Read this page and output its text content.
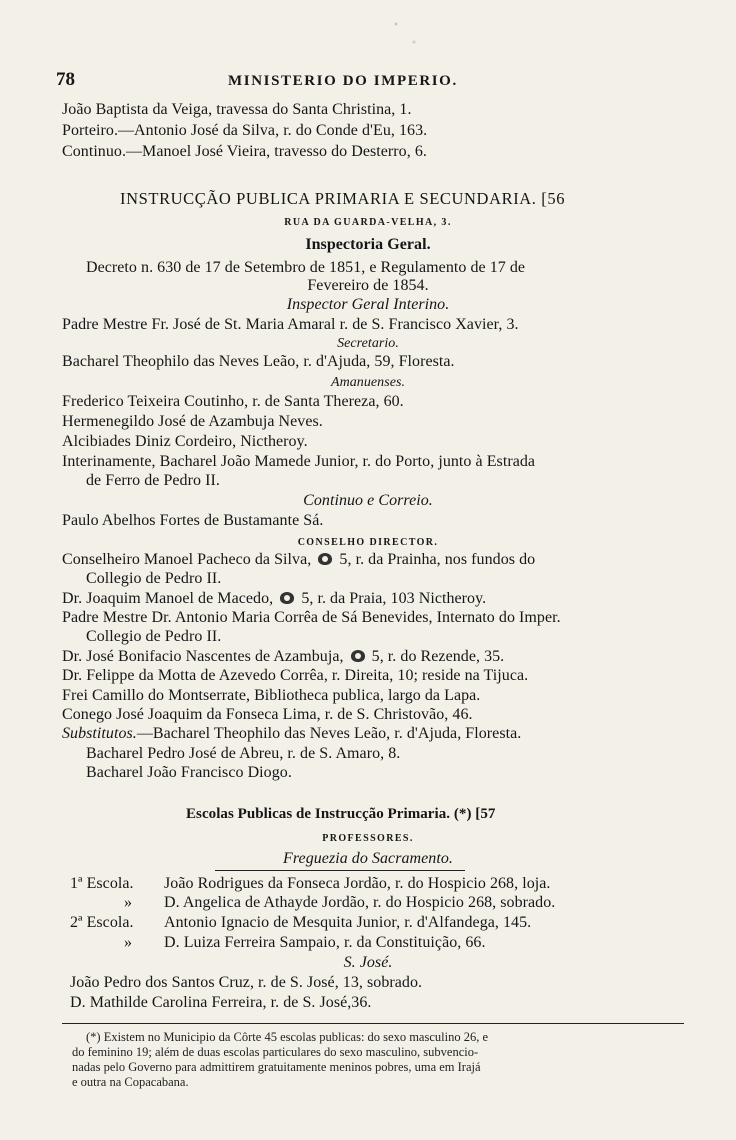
78	MINISTERIO DO IMPERIO.
João Baptista da Veiga, travessa do Santa Christina, 1.
Porteiro.—Antonio José da Silva, r. do Conde d'Eu, 163.
Continuo.—Manoel José Vieira, travesso do Desterro, 6.
INSTRUCÇÃO PUBLICA PRIMARIA E SECUNDARIA. [56
RUA DA GUARDA-VELHA, 3.
Inspectoria Geral.
Decreto n. 630 de 17 de Setembro de 1851, e Regulamento de 17 de
Fevereiro de 1854.
Inspector Geral Interino.
Padre Mestre Fr. José de St. Maria Amaral r. de S. Francisco Xavier, 3.
Secretario.
Bacharel Theophilo das Neves Leão, r. d'Ajuda, 59, Floresta.
Amanuenses.
Frederico Teixeira Coutinho, r. de Santa Thereza, 60.
Hermenegildo José de Azambuja Neves.
Alcibiades Diniz Cordeiro, Nictheroy.
Interinamente, Bacharel João Mamede Junior, r. do Porto, junto à Estrada
de Ferro de Pedro II.
Continuo e Correio.
Paulo Abelhos Fortes de Bustamante Sá.
CONSELHO DIRECTOR.
Conselheiro Manoel Pacheco da Silva, 5, r. da Prainha, nos fundos do
Collegio de Pedro II.
Dr. Joaquim Manoel de Macedo, 5, r. da Praia, 103 Nictheroy.
Padre Mestre Dr. Antonio Maria Corrêa de Sá Benevides, Internato do Imper.
Collegio de Pedro II.
Dr. José Bonifacio Nascentes de Azambuja, 5, r. do Rezende, 35.
Dr. Felippe da Motta de Azevedo Corrêa, r. Direita, 10; reside na Tijuca.
Frei Camillo do Montserrate, Bibliotheca publica, largo da Lapa.
Conego José Joaquim da Fonseca Lima, r. de S. Christovão, 46.
Substitutos.—Bacharel Theophilo das Neves Leão, r. d'Ajuda, Floresta.
Bacharel Pedro José de Abreu, r. de S. Amaro, 8.
Bacharel João Francisco Diogo.
Escolas Publicas de Instrucção Primaria. (*) [57
PROFESSORES.
Freguezia do Sacramento.
1ª Escola. João Rodrigues da Fonseca Jordão, r. do Hospicio 268, loja.
» D. Angelica de Athayde Jordão, r. do Hospicio 268, sobrado.
2ª Escola. Antonio Ignacio de Mesquita Junior, r. d'Alfandega, 145.
» D. Luiza Ferreira Sampaio, r. da Constituição, 66.
S. José.
João Pedro dos Santos Cruz, r. de S. José, 13, sobrado.
D. Mathilde Carolina Ferreira, r. de S. José,36.
(*) Existem no Municipio da Côrte 45 escolas publicas: do sexo masculino 26, e
do feminino 19; além de duas escolas particulares do sexo masculino, subvencio-
nadas pelo Governo para admittirem gratuitamente meninos pobres, uma em Irajá
e outra na Copacabana.
